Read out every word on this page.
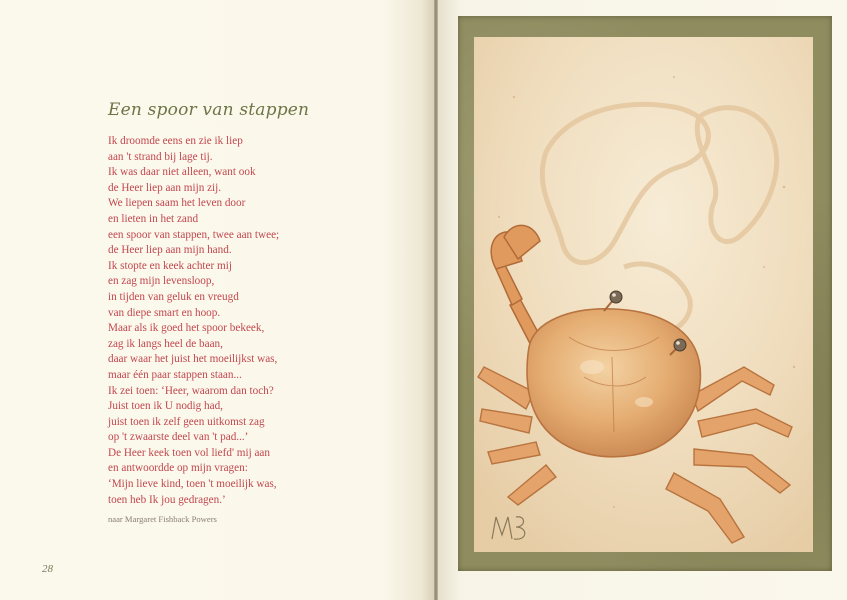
Een spoor van stappen
Ik droomde eens en zie ik liep
aan 't strand bij lage tij.
Ik was daar niet alleen, want ook
de Heer liep aan mijn zij.
We liepen saam het leven door
en lieten in het zand
een spoor van stappen, twee aan twee;
de Heer liep aan mijn hand.
Ik stopte en keek achter mij
en zag mijn levensloop,
in tijden van geluk en vreugd
van diepe smart en hoop.
Maar als ik goed het spoor bekeek,
zag ik langs heel de baan,
daar waar het juist het moeilijkst was,
maar één paar stappen staan...
Ik zei toen: ‘Heer, waarom dan toch?
Juist toen ik U nodig had,
juist toen ik zelf geen uitkomst zag
op 't zwaarste deel van 't pad...’
De Heer keek toen vol liefd' mij aan
en antwoordde op mijn vragen:
‘Mijn lieve kind, toen 't moeilijk was,
toen heb Ik jou gedragen.’
naar Margaret Fishback Powers
28
